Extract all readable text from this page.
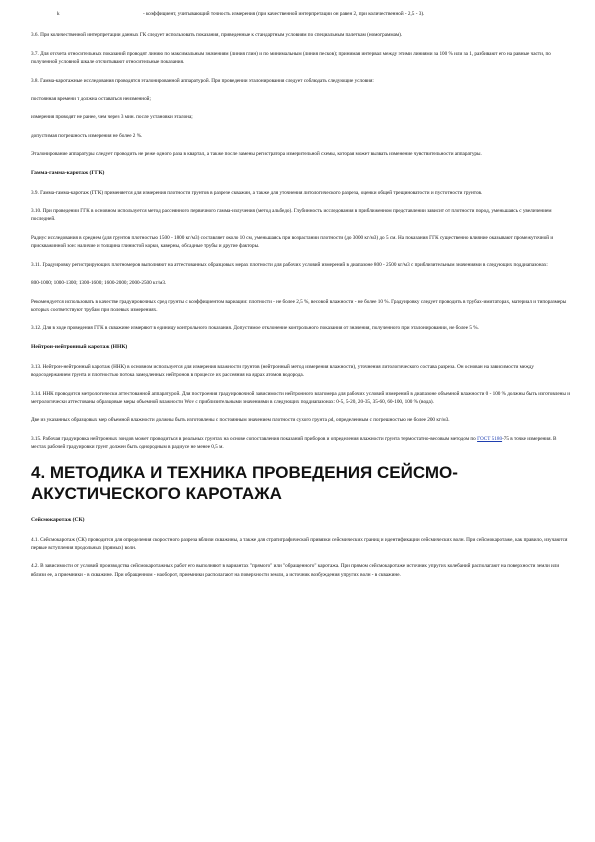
k	- коэффициент, учитывающий точность измерения (при качественной интерпретации он равен 2, при количественной - 2,5 - 3).

3.6. При количественной интерпретации данных ГК следует использовать показания, приведенные к стандартным условиям по специальным палеткам (номограммам).

3.7. Для отсчета относительных показаний проводят линию по максимальным значениям (линия глин) и по минимальным (линия песков); принимая интервал между этими линиями за 100 % или за 1, разбивают его на равные части, по полученной условной шкале отсчитывают относительные показания.

3.8. Гамма-каротажные исследования проводятся эталонированной аппаратурой. При проведении эталонирования следует соблюдать следующие условия:

постоянная времени τ должна оставаться неизменной;

измерения проводят не ранее, чем через 3 мин. после установки эталона;

допустимая погрешность измерения не более 2 %.

Эталонирование аппаратуры следует проводить не реже одного раза в квартал, а также после замены регистратора измерительной схемы, которая может вызвать изменение чувствительности аппаратуры.

Гамма-гамма-каротаж (ГГК)

3.9. Гамма-гамма-каротаж (ГГК) применяется для измерения плотности грунтов в разрезе скважин, а также для уточнения литологического разреза, оценки общей трещиноватости и пустотности грунтов.

3.10. При проведении ГГК в основном используется метод рассеянного первичного гамма-излучения (метод альбедо). Глубинность исследования в приближенном представлении зависит от плотности пород, уменьшаясь с увеличением последней.

Радиус исследования в среднем (для грунтов плотностью 1500 - 1800 кг/м3) составляет около 10 см, уменьшаясь при возрастании плотности (до 3000 кг/м3) до 5 см. На показания ГГК существенно влияние оказывают промежуточной и прискважинной зон: наличие и толщина глинистой корки, каверны, обсадные трубы и другие факторы.

3.11. Градуировку регистрирующих плотномеров выполняют на аттестованных образцовых мерах плотности для рабочих условий измерений в диапазоне 800 - 2500 кг/м3 с приблизительным значениями в следующих поддиапазонах:

800-1000; 1000-1300; 1300-1600; 1600-2000; 2000-2500 кг/м3.

Рекомендуется использовать в качестве градуировочных сред грунты с коэффициентом вариации: плотности - не более 2,5 %, весовой влажности - не более 10 %. Градуировку следует проводить в трубах-имитаторах, материал и типоразмеры которых соответствуют трубам при полевых измерениях.

3.12. Для в ходе проведения ГГК в скважине измеряют в единицу контрольного показания. Допустимое отклонение контрольного показания от значения, полученного при эталонировании, не более 5 %.

Нейтрон-нейтронный каротаж (ННК)

3.13. Нейтрон-нейтронный каротаж (ННК) в основном используется для измерения влажности грунтов (нейтронный метод измерения влажности), уточнения литологического состава разреза. Он основан на зависимости между водосодержанием грунта и плотностью потока замедленных нейтронов в процессе их рассеяния на ядрах атомов водорода.

3.14. ННК проводится метрологически аттестованной аппаратурой. Для построения градуировочной зависимости нейтронного влагомера для рабочих условий измерений в диапазоне объемной влажности 0 - 100 % должны быть изготовлены и метрологически аттестованы образцовые меры объемной влажности Wov с приблизительными значениями в следующих поддиапазонах: 0-5, 5-20, 20-35, 35-60, 60-100, 100 % (вода).

Две из указанных образцовых мер объемной влажности должны быть изготовлены с постоянным значением плотности сухого грунта ρd, определенным с погрешностью не более 200 кг/м3.

3.15. Рабочая градуировка нейтронных зондов может проводиться в реальных грунтах на основе сопоставления показаний приборов и определения влажности грунта термостатно-весовым методом по ГОСТ 5180-75 в точке измерения. В местах рабочей градуировки грунт должен быть однородным в радиусе не менее 0,5 м.

4. МЕТОДИКА И ТЕХНИКА ПРОВЕДЕНИЯ СЕЙСМО-АКУСТИЧЕСКОГО КАРОТАЖА

Сейсмокаротаж (СК)

4.1. Сейсмокаротаж (СК) проводится для определения скоростного разреза вблизи скважины, а также для стратиграфической привязки сейсмических границ и идентификации сейсмических волн. При сейсмокаротаже, как правило, изучаются первые вступления продольных (прямых) волн.

4.2. В зависимости от условий производства сейсмокаротажных работ его выполняют в вариантах "прямого" или "обращенного" каротажа. При прямом сейсмокаротаже источник упругих колебаний располагают на поверхности земли или вблизи ее, а приемники - в скважине. При обращенном - наоборот, приемники располагают на поверхности земли, а источник возбуждения упругих волн - в скважине.
